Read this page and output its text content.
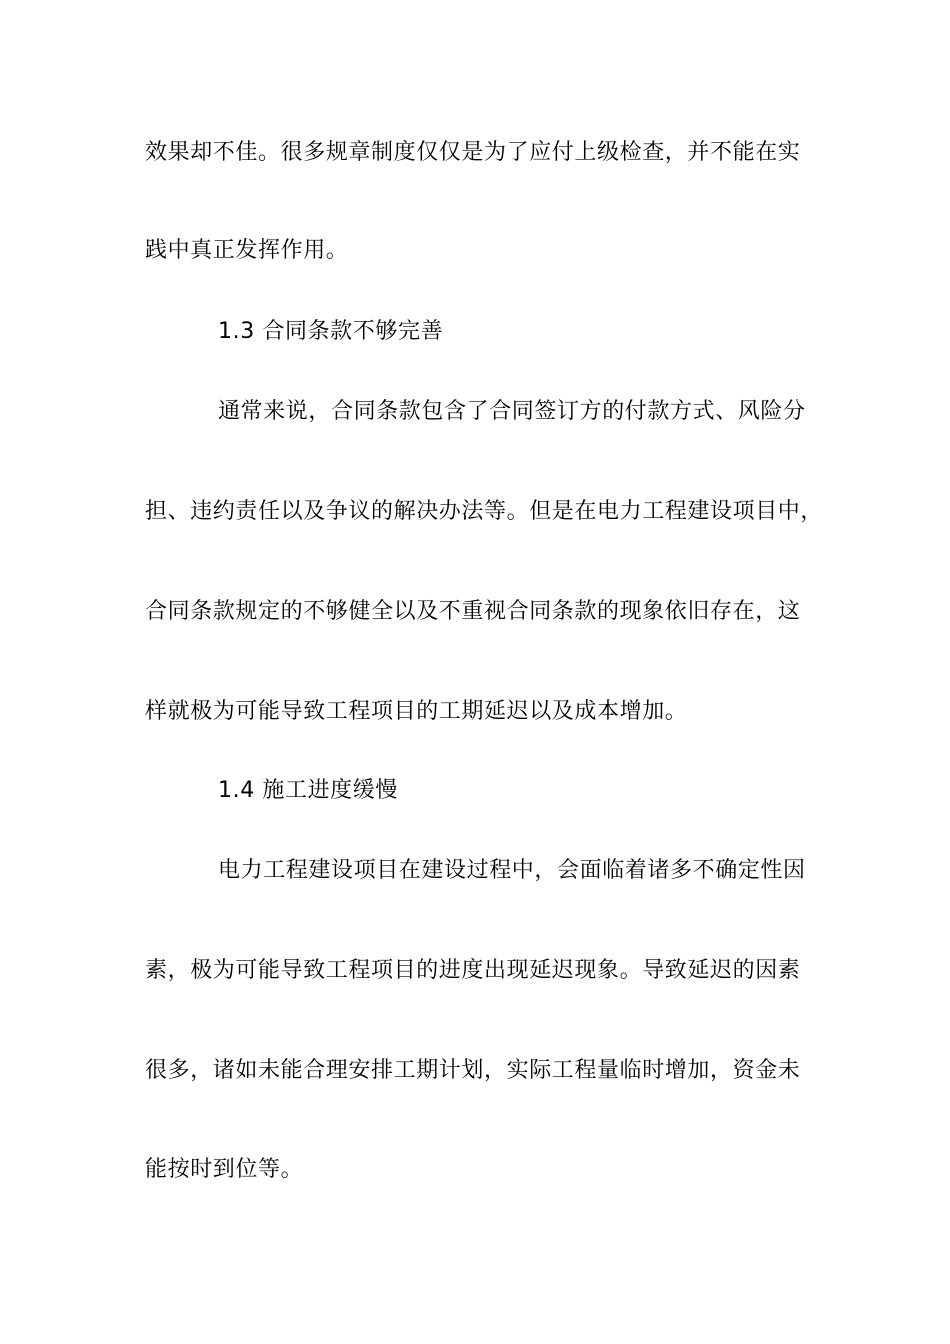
效果却不佳。很多规章制度仅仅是为了应付上级检查，并不能在实
践中真正发挥作用。
1.3 合同条款不够完善
通常来说，合同条款包含了合同签订方的付款方式、风险分
担、违约责任以及争议的解决办法等。但是在电力工程建设项目中，
合同条款规定的不够健全以及不重视合同条款的现象依旧存在，这
样就极为可能导致工程项目的工期延迟以及成本增加。
1.4 施工进度缓慢
电力工程建设项目在建设过程中，会面临着诸多不确定性因
素，极为可能导致工程项目的进度出现延迟现象。导致延迟的因素
很多，诸如未能合理安排工期计划，实际工程量临时增加，资金未
能按时到位等。
